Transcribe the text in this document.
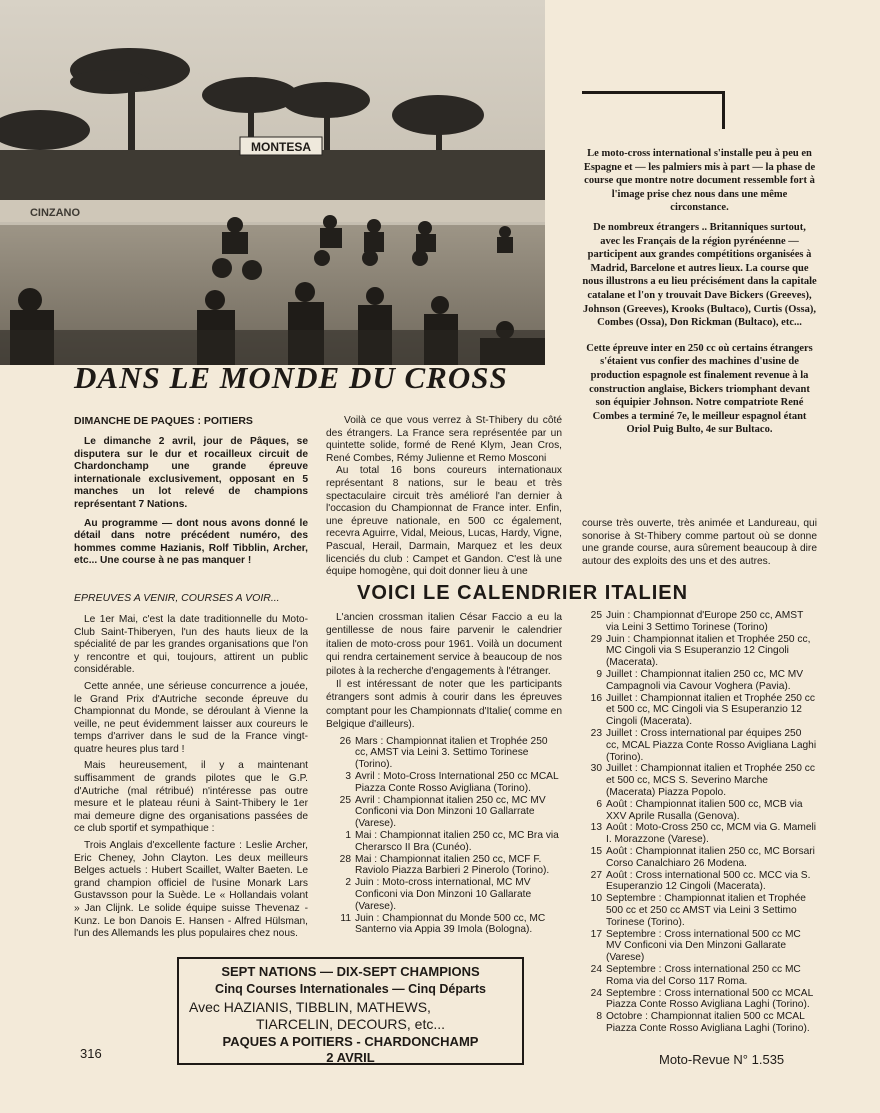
MONTESA
CINZANO

Le moto-cross international s'installe peu à peu en Espagne et — les palmiers mis à part — la phase de course que montre notre document ressemble fort à l'image prise chez nous dans une même circonstance.

De nombreux étrangers .. Britanniques surtout, avec les Français de la région pyrénéenne — participent aux grandes compétitions organisées à Madrid, Barcelone et autres lieux. La course que nous illustrons a eu lieu précisément dans la capitale catalane et l'on y trouvait Dave Bickers (Greeves), Johnson (Greeves), Krooks (Bultaco), Curtis (Ossa), Combes (Ossa), Don Rickman (Bultaco), etc...

Cette épreuve inter en 250 cc où certains étrangers s'étaient vus confier des machines d'usine de production espagnole est finalement revenue à la construction anglaise, Bickers triomphant devant son équipier Johnson. Notre compatriote René Combes a terminé 7e, le meilleur espagnol étant Oriol Puig Bulto, 4e sur Bultaco.

DANS LE MONDE DU CROSS
DIMANCHE DE PAQUES : POITIERS

Le dimanche 2 avril, jour de Pâques, se disputera sur le dur et rocailleux circuit de Chardonchamp une grande épreuve internationale exclusivement, opposant en 5 manches un lot relevé de champions représentant 7 Nations.

Au programme — dont nous avons donné le détail dans notre précédent numéro, des hommes comme Hazianis, Rolf Tibblin, Archer, etc... Une course à ne pas manquer !

EPREUVES A VENIR, COURSES A VOIR...

Le 1er Mai, c'est la date traditionnelle du Moto-Club Saint-Thiberyen, l'un des hauts lieux de la spécialité de par les grandes organisations que l'on y rencontre et qui, toujours, attirent un public considérable.

Cette année, une sérieuse concurrence a jouée, le Grand Prix d'Autriche seconde épreuve du Championnat du Monde, se déroulant à Vienne la veille, ne peut évidemment laisser aux coureurs le temps d'arriver dans le sud de la France vingt-quatre heures plus tard !

Mais heureusement, il y a maintenant suffisamment de grands pilotes que le G.P. d'Autriche (mal rétribué) n'intéresse pas outre mesure et le plateau réuni à Saint-Thibery le 1er mai demeure digne des organisations passées de ce club sportif et sympathique :

Trois Anglais d'excellente facture : Leslie Archer, Eric Cheney, John Clayton. Les deux meilleurs Belges actuels : Hubert Scaillet, Walter Baeten. Le grand champion officiel de l'usine Monark Lars Gustavsson pour la Suède. Le « Hollandais volant » Jan Clijnk. Le solide équipe suisse Thevenaz - Kunz. Le bon Danois E. Hansen - Alfred Hülsman, l'un des Allemands les plus populaires chez nous.

Voilà ce que vous verrez à St-Thibery du côté des étrangers. La France sera représentée par un quintette solide, formé de René Klym, Jean Cros, René Combes, Rémy Julienne et Remo Mosconi

Au total 16 bons coureurs internationaux représentant 8 nations, sur le beau et très spectaculaire circuit très amélioré l'an dernier à l'occasion du Championnat de France inter. Enfin, une épreuve nationale, en 500 cc également, recevra Aguirre, Vidal, Meious, Lucas, Hardy, Vigne, Pascual, Herail, Darmain, Marquez et les deux licenciés du club : Campet et Gandon. C'est là une équipe homogène, qui doit donner lieu à une

course très ouverte, très animée et Landureau, qui sonorise à St-Thibery comme partout où se donne une grande course, aura sûrement beaucoup à dire autour des exploits des uns et des autres.
VOICI LE CALENDRIER ITALIEN

L'ancien crossman italien César Faccio a eu la gentillesse de nous faire parvenir le calendrier italien de moto-cross pour 1961. Voilà un document qui rendra certainement service à beaucoup de nos pilotes à la recherche d'engagements à l'étranger.

Il est intéressant de noter que les participants étrangers sont admis à courir dans les épreuves comptant pour les Championnats d'Italie( comme en Belgique d'ailleurs).

26 Mars : Championnat italien et Trophée 250 cc, AMST via Leini 3. Settimo Torinese (Torino).
3 Avril : Moto-Cross International 250 cc MCAL Piazza Conte Rosso Avigliana (Torino).
25 Avril : Championnat italien 250 cc, MC MV Conficoni via Don Minzoni 10 Gallarrate (Varese).
1 Mai : Championnat italien 250 cc, MC Bra via Cherarsco II Bra (Cunéo).
28 Mai : Championnat italien 250 cc, MCF F. Raviolo Piazza Barbieri 2 Pinerolo (Torino).
2 Juin : Moto-cross international, MC MV Conficoni via Don Minzoni 10 Gallarate (Varese).
11 Juin : Championnat du Monde 500 cc, MC Santerno via Appia 39 Imola (Bologna).
25 Juin : Championnat d'Europe 250 cc, AMST via Leini 3 Settimo Torinese (Torino)
29 Juin : Championnat italien et Trophée 250 cc, MC Cingoli via S Esuperanzio 12 Cingoli (Macerata).
9 Juillet : Championnat italien 250 cc, MC MV Campagnoli via Cavour Voghera (Pavia).
16 Juillet : Championnat italien et Trophée 250 cc et 500 cc, MC Cingoli via S Esuperanzio 12 Cingoli (Macerata).
23 Juillet : Cross international par équipes 250 cc, MCAL Piazza Conte Rosso Avigliana Laghi (Torino).
30 Juillet : Championnat italien et Trophée 250 cc et 500 cc, MCS S. Severino Marche (Macerata) Piazza Popolo.
6 Août : Championnat italien 500 cc, MCB via XXV Aprile Rusalla (Genova).
13 Août : Moto-Cross 250 cc, MCM via G. Mameli I. Morazzone (Varese).
15 Août : Championnat italien 250 cc, MC Borsari Corso Canalchiaro 26 Modena.
27 Août : Cross international 500 cc. MCC via S. Esuperanzio 12 Cingoli (Macerata).
10 Septembre : Championnat italien et Trophée 500 cc et 250 cc AMST via Leini 3 Settimo Torinese (Torino).
17 Septembre : Cross international 500 cc MC MV Conficoni via Den Minzoni Gallarate (Varese)
24 Septembre : Cross international 250 cc MC Roma via del Corso 117 Roma.
24 Septembre : Cross international 500 cc MCAL Piazza Conte Rosso Avigliana Laghi (Torino).
8 Octobre : Championnat italien 500 cc MCAL Piazza Conte Rosso Avigliana Laghi (Torino).
SEPT NATIONS — DIX-SEPT CHAMPIONS
Cinq Courses Internationales — Cinq Départs
Avec HAZIANIS, TIBBLIN, MATHEWS,
TIARCELIN, DECOURS, etc...
PAQUES A POITIERS - CHARDONCHAMP
2 AVRIL
316	Moto-Revue N° 1.535
